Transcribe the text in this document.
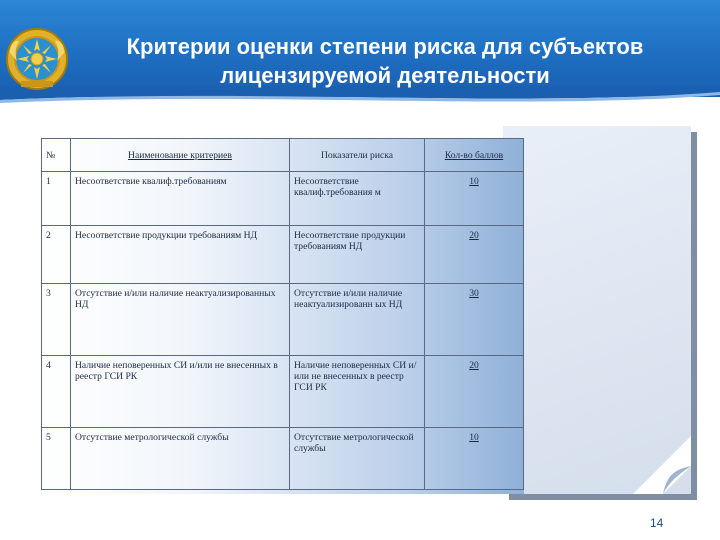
Критерии оценки степени риска для субъектов лицензируемой деятельности
№	Наименование критериев	Показатели риска	Кол-во баллов
1	Несоответствие квалиф.требованиям	Несоответствие квалиф.требования м	10
2	Несоответствие продукции требованиям НД	Несоответствие продукции требованиям НД	20
3	Отсутствие и/или наличие неактуализированных НД	Отсутствие и/или наличие неактуализированн ых НД	30
4	Наличие неповеренных СИ и/или не внесенных в реестр ГСИ РК	Наличие неповеренных СИ и/или не внесенных в реестр ГСИ РК	20
5	Отсутствие метрологической службы	Отсутствие метрологической службы	10
14
